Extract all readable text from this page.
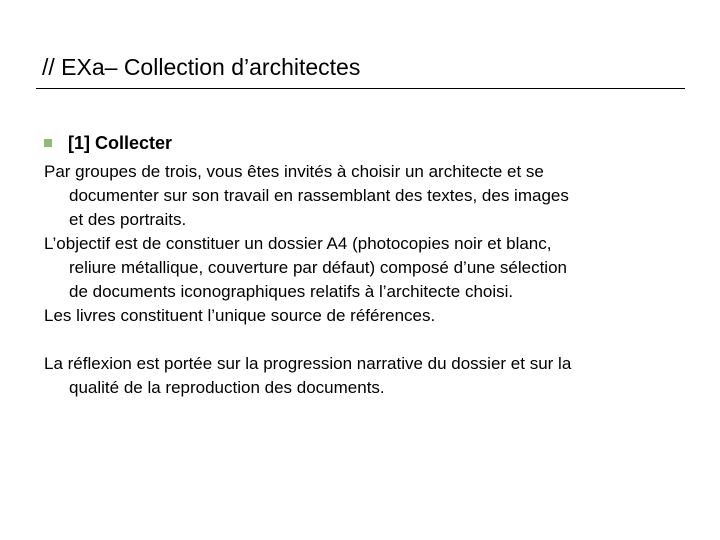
// EXa– Collection d’architectes
[1] Collecter

Par groupes de trois, vous êtes invités à choisir un architecte et se
documenter sur son travail en rassemblant des textes, des images
et des portraits.

L’objectif est de constituer un dossier A4 (photocopies noir et blanc,
reliure métallique, couverture par défaut) composé d’une sélection
de documents iconographiques relatifs à l’architecte choisi.

Les livres constituent l’unique source de références.

La réflexion est portée sur la progression narrative du dossier et sur la
qualité de la reproduction des documents.
